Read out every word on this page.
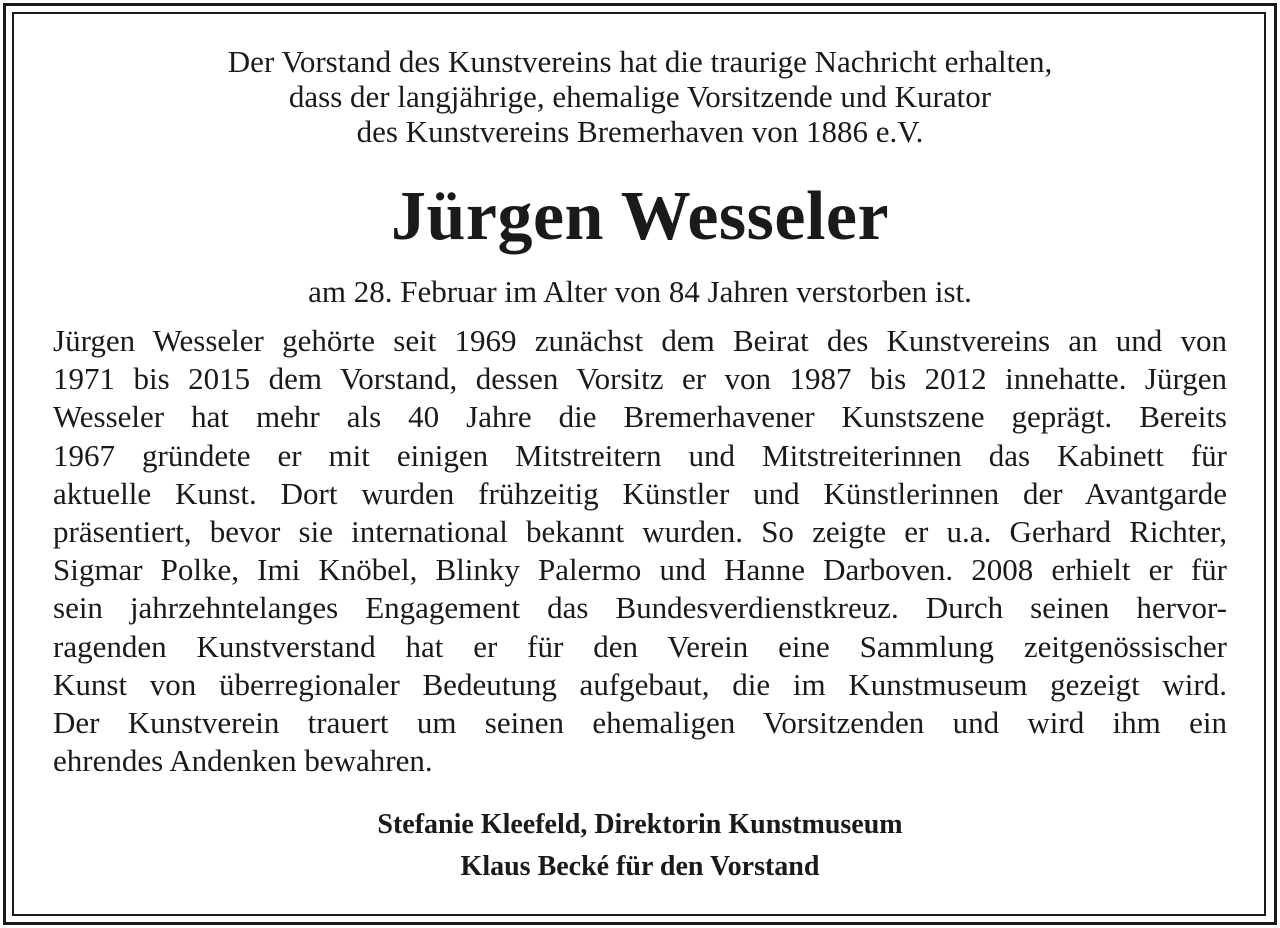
Der Vorstand des Kunstvereins hat die traurige Nachricht erhalten,
dass der langjährige, ehemalige Vorsitzende und Kurator
des Kunstvereins Bremerhaven von 1886 e.V.
Jürgen Wesseler
am 28. Februar im Alter von 84 Jahren verstorben ist.
Jürgen Wesseler gehörte seit 1969 zunächst dem Beirat des Kunstvereins an und von
1971 bis 2015 dem Vorstand, dessen Vorsitz er von 1987 bis 2012 innehatte. Jürgen
Wesseler hat mehr als 40 Jahre die Bremerhavener Kunstszene geprägt. Bereits
1967 gründete er mit einigen Mitstreitern und Mitstreiterinnen das Kabinett für
aktuelle Kunst. Dort wurden frühzeitig Künstler und Künstlerinnen der Avantgarde
präsentiert, bevor sie international bekannt wurden. So zeigte er u.a. Gerhard Richter,
Sigmar Polke, Imi Knöbel, Blinky Palermo und Hanne Darboven. 2008 erhielt er für
sein jahrzehntelanges Engagement das Bundesverdienstkreuz. Durch seinen hervor-
ragenden Kunstverstand hat er für den Verein eine Sammlung zeitgenössischer
Kunst von überregionaler Bedeutung aufgebaut, die im Kunstmuseum gezeigt wird.
Der Kunstverein trauert um seinen ehemaligen Vorsitzenden und wird ihm ein
ehrendes Andenken bewahren.
Stefanie Kleefeld, Direktorin Kunstmuseum
Klaus Becké für den Vorstand
